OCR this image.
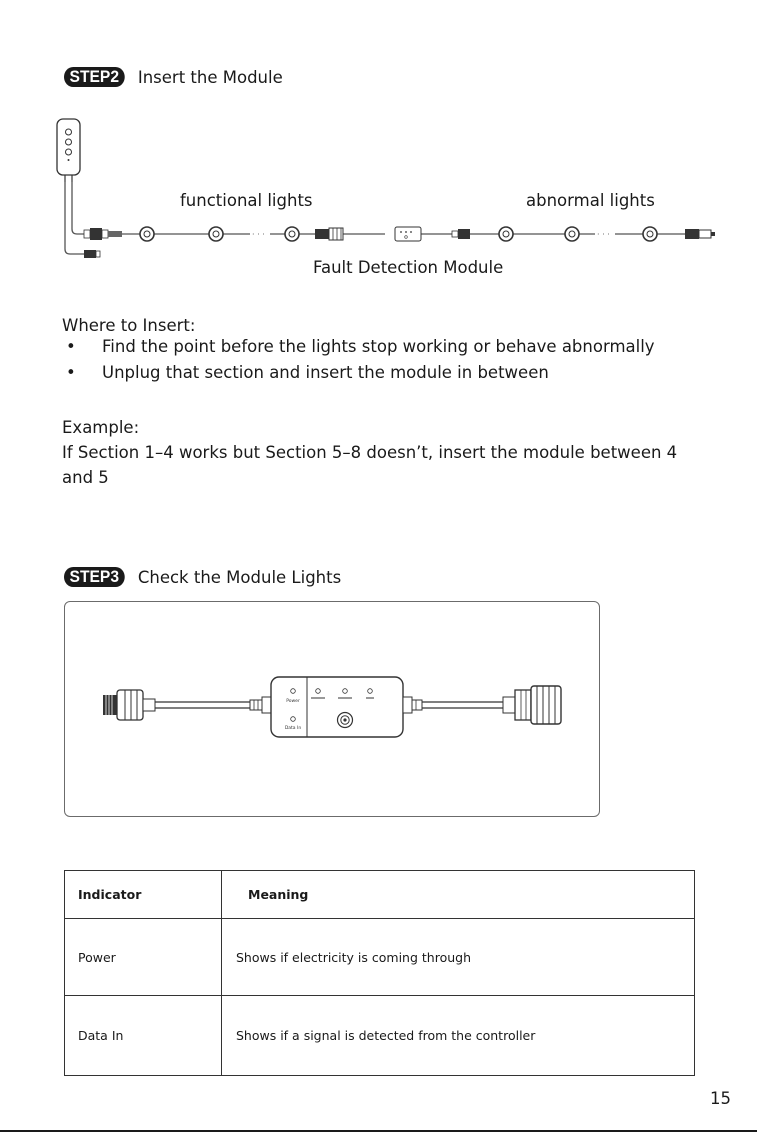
STEP2	Insert the Module
· · ·	· · ·
functional lights	abnormal lights
Fault Detection Module
Where to Insert:
• Find the point before the lights stop working or behave abnormally
• Unplug that section and insert the module in between
Example:
If Section 1–4 works but Section 5–8 doesn’t, insert the module between 4 and 5
STEP3	Check the Module Lights
Power
Data In
Indicator	Meaning
Power	Shows if electricity is coming through
Data In	Shows if a signal is detected from the controller
15
